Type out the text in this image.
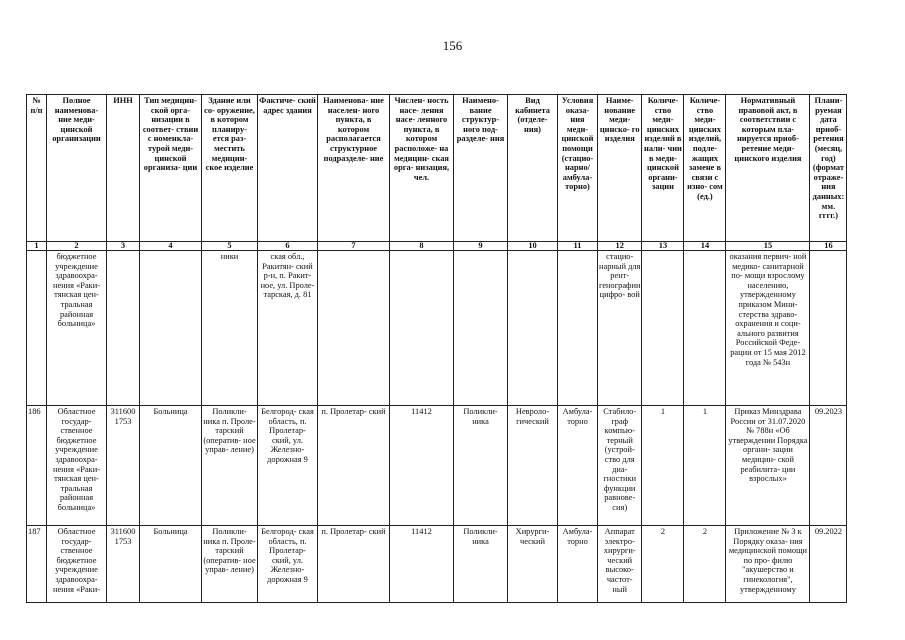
156
№ п/п	Полное наименова- ние меди- цинской организации	ИНН	Тип медицин- ской орга- низации в соответ- ствии с номенкла- турой меди- цинской организа- ции	Здание или со- оружение, в котором планиру- ется раз- местить медицин- ское изделие	Фактиче- ский адрес здания	Наименова- ние населен- ного пункта, в котором располагается структурное подразделе- ние	Числен- ность насе- ления насе- ленного пункта, в котором расположе- на медицин- ская орга- низация, чел.	Наимено- вание структур- ного под- разделе- ния	Вид кабинета (отделе- ния)	Условия оказа- ния меди- цинской помощи (стацио- нарно/ амбула- торно)	Наиме- нование меди- цинско- го изделия	Количе- ство меди- цинских изделий в нали- чии в меди- цинской органи- зации	Количе- ство меди- цинских изделий, подле- жащих замене в связи с изно- сом (ед.)	Нормативный правовой акт, в соответствии с которым пла- нируется приоб- ретение меди- цинского изделия	Плани- руемая дата приоб- ретения (месяц, год) (формат отраже- ния данных: мм. гггг.)
1	2	3	4	5	6	7	8	9	10	11	12	13	14	15	16
	бюджетное учреждение здравоохра- нения «Раки- тянская цен- тральная районная больница»			ники	ская обл., Ракитян- ский р-н, п. Ракит- ное, ул. Проле- тарская, д. 81						стацио- нарный для рент- генографии цифро- вой			оказания первич- ной медико- санитарной по- мощи взрослому населению, утвержденному приказом Мини- стерства здраво- охранения и соци- ального развития Российской Феде- рации от 15 мая 2012 года № 543н	
186	Областное государ- ственное бюджетное учреждение здравоохра- нения «Раки- тянская цен- тральная районная больница»	311600 1753	Больница	Поликли- ника п. Проле- тарский (оператив- ное управ- ление)	Белгород- ская область, п. Пролетар- ский, ул. Железно- дорожная 9	п. Пролетар- ский	11412	Поликли- ника	Невроло- гический	Амбула- торно	Стабило- граф компью- терный (устрой- ство для диа- гностики функции равнове- сия)	1	1	Приказ Минздрава России от 31.07.2020 № 788н «Об утверждении Порядка органи- зации медицин- ской реабилита- ции взрослых»	09.2023
187	Областное государ- ственное бюджетное учреждение здравоохра- нения «Раки-	311600 1753	Больница	Поликли- ника п. Проле- тарский (оператив- ное управ- ление)	Белгород- ская область, п. Пролетар- ский, ул. Железно- дорожная 9	п. Пролетар- ский	11412	Поликли- ника	Хирурги- ческий	Амбула- торно	Аппарат электро- хирурги- ческий высоко- частот- ный	2	2	Приложение № 3 к Порядку оказа- ния медицинской помощи по про- филю "акушерство и гинекология", утвержденному	09.2022
